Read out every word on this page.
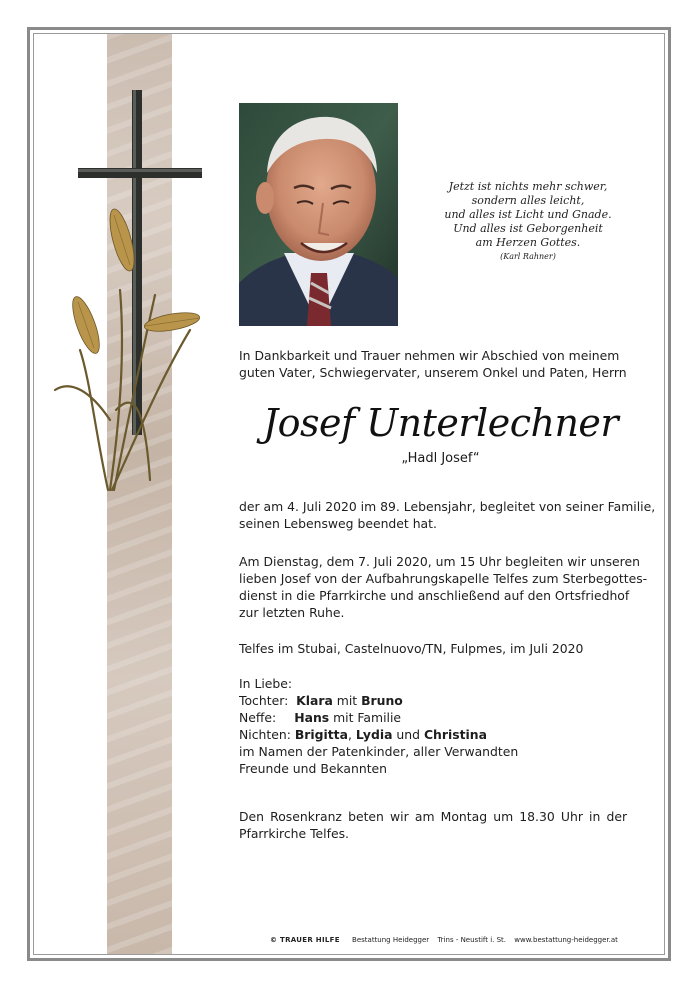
Jetzt ist nichts mehr schwer,
sondern alles leicht,
und alles ist Licht und Gnade.
Und alles ist Geborgenheit
am Herzen Gottes.
(Karl Rahner)
In Dankbarkeit und Trauer nehmen wir Abschied von meinem
guten Vater, Schwiegervater, unserem Onkel und Paten, Herrn
Josef Unterlechner
„Hadl Josef“
der am 4. Juli 2020 im 89. Lebensjahr, begleitet von seiner Familie,
seinen Lebensweg beendet hat.
Am Dienstag, dem 7. Juli 2020, um 15 Uhr begleiten wir unseren
lieben Josef von der Aufbahrungskapelle Telfes zum Sterbegottes-
dienst in die Pfarrkirche und anschließend auf den Ortsfriedhof
zur letzten Ruhe.
Telfes im Stubai, Castelnuovo/TN, Fulpmes, im Juli 2020
In Liebe:
Tochter: Klara mit Bruno
Neffe: Hans mit Familie
Nichten: Brigitta, Lydia und Christina
im Namen der Patenkinder, aller Verwandten
Freunde und Bekannten
Den Rosenkranz beten wir am Montag um 18.30 Uhr in der
Pfarrkirche Telfes.
© TRAUER HILFE Bestattung Heidegger Trins - Neustift i. St. www.bestattung-heidegger.at
